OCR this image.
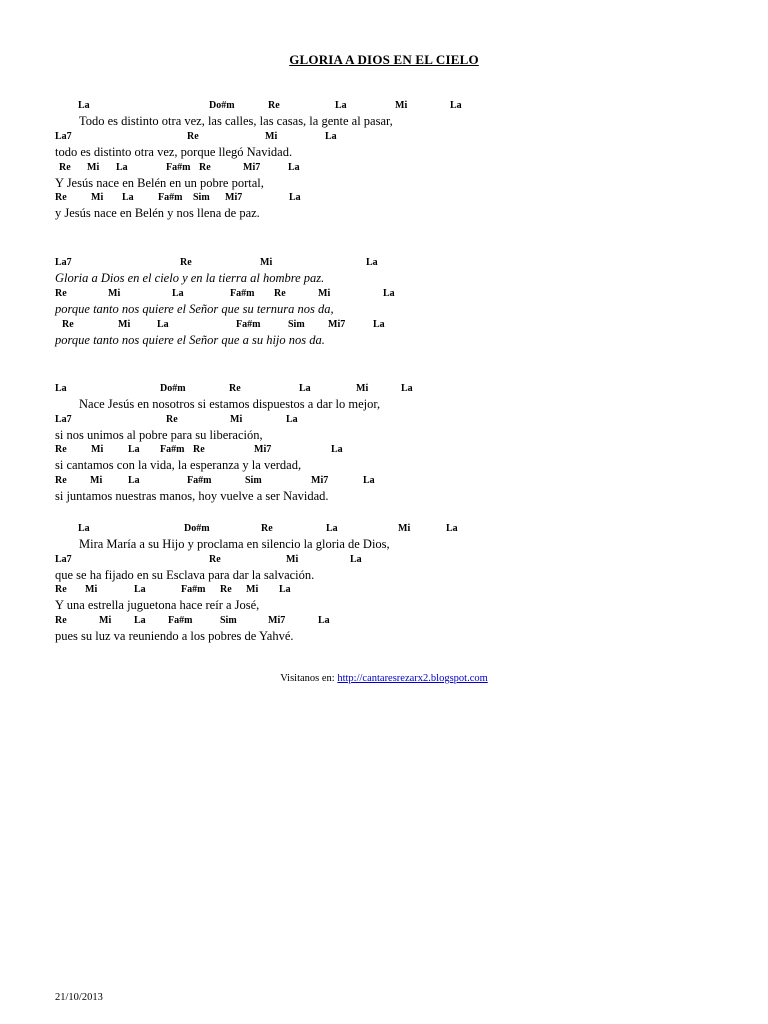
GLORIA A DIOS EN EL CIELO
La	Do#m	Re	La	Mi	La
Todo es distinto otra vez, las calles, las casas, la gente al pasar,
La7	Re	Mi	La
todo es distinto otra vez, porque llegó Navidad.
Re Mi La	Fa#m Re	Mi7	La
Y Jesús nace en Belén en un pobre portal,
Re Mi La Fa#m Sim Mi7	La
y Jesús nace en Belén y nos llena de paz.
La7	Re	Mi	La
Gloria a Dios en el cielo y en la tierra al hombre paz.
Re	Mi	La	Fa#m Re	Mi	La
porque tanto nos quiere el Señor que su ternura nos da,
Re	Mi	La	Fa#m	Sim Mi7	La
porque tanto nos quiere el Señor que a su hijo nos da.
La	Do#m	Re	La	Mi	La
Nace Jesús en nosotros si estamos dispuestos a dar lo mejor,
La7	Re	Mi	La
si nos unimos al pobre para su liberación,
Re Mi La Fa#m Re	Mi7	La
si cantamos con la vida, la esperanza y la verdad,
Re Mi	La	Fa#m	Sim	Mi7	La
si juntamos nuestras manos, hoy vuelve a ser Navidad.
La	Do#m	Re	La	Mi	La
Mira María a su Hijo y proclama en silencio la gloria de Dios,
La7	Re	Mi	La
que se ha fijado en su Esclava para dar la salvación.
Re Mi	La	Fa#m Re Mi La
Y una estrella juguetona hace reír a José,
Re	Mi La Fa#m	Sim	Mi7	La
pues su luz va reuniendo a los pobres de Yahvé.
Visitanos en: http://cantaresrezarx2.blogspot.com
21/10/2013
